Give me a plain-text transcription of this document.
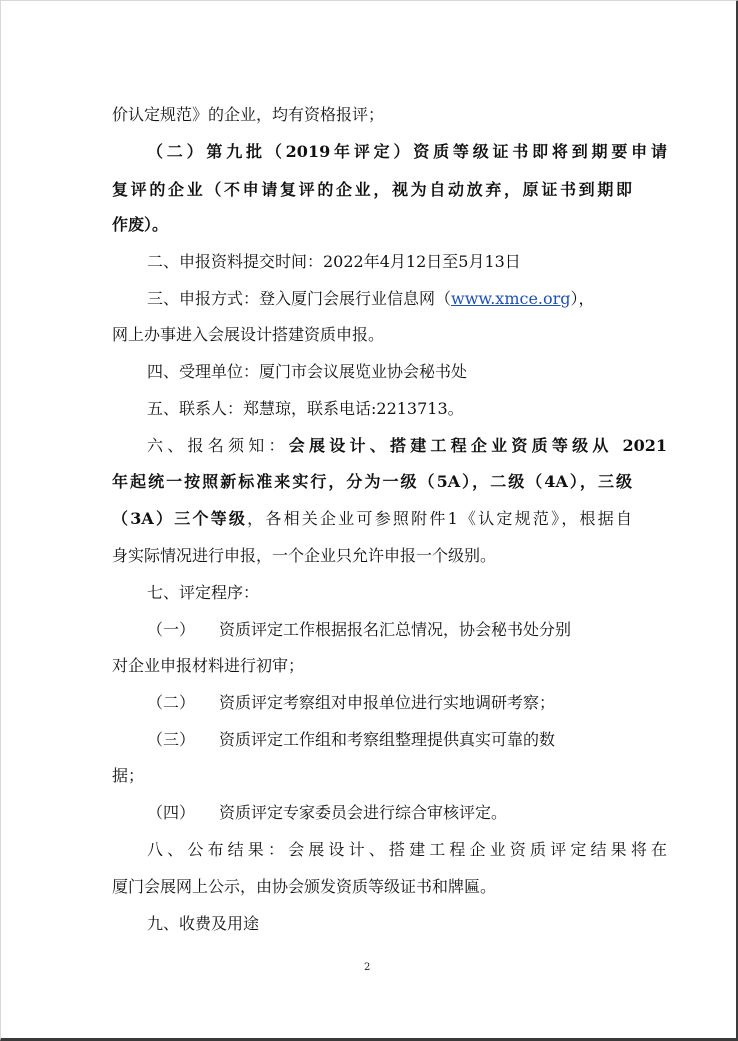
价认定规范》的企业，均有资格报评；
（二）第九批（2019年评定）资质等级证书即将到期要申请
复评的企业（不申请复评的企业，视为自动放弃，原证书到期即
作废）。
二、申报资料提交时间：2022年4月12日至5月13日
三、申报方式：登入厦门会展行业信息网（www.xmce.org），
网上办事进入会展设计搭建资质申报。
四、受理单位：厦门市会议展览业协会秘书处
五、联系人：郑慧琼，联系电话:2213713。
六、报名须知：会展设计、搭建工程企业资质等级从 2021
年起统一按照新标准来实行，分为一级（5A），二级（4A），三级
（3A）三个等级，各相关企业可参照附件1《认定规范》，根据自
身实际情况进行申报，一个企业只允许申报一个级别。
七、评定程序：
（一） 资质评定工作根据报名汇总情况，协会秘书处分别
对企业申报材料进行初审；
（二） 资质评定考察组对申报单位进行实地调研考察；
（三） 资质评定工作组和考察组整理提供真实可靠的数
据；
（四） 资质评定专家委员会进行综合审核评定。
八、公布结果：会展设计、搭建工程企业资质评定结果将在
厦门会展网上公示，由协会颁发资质等级证书和牌匾。
九、收费及用途
2
